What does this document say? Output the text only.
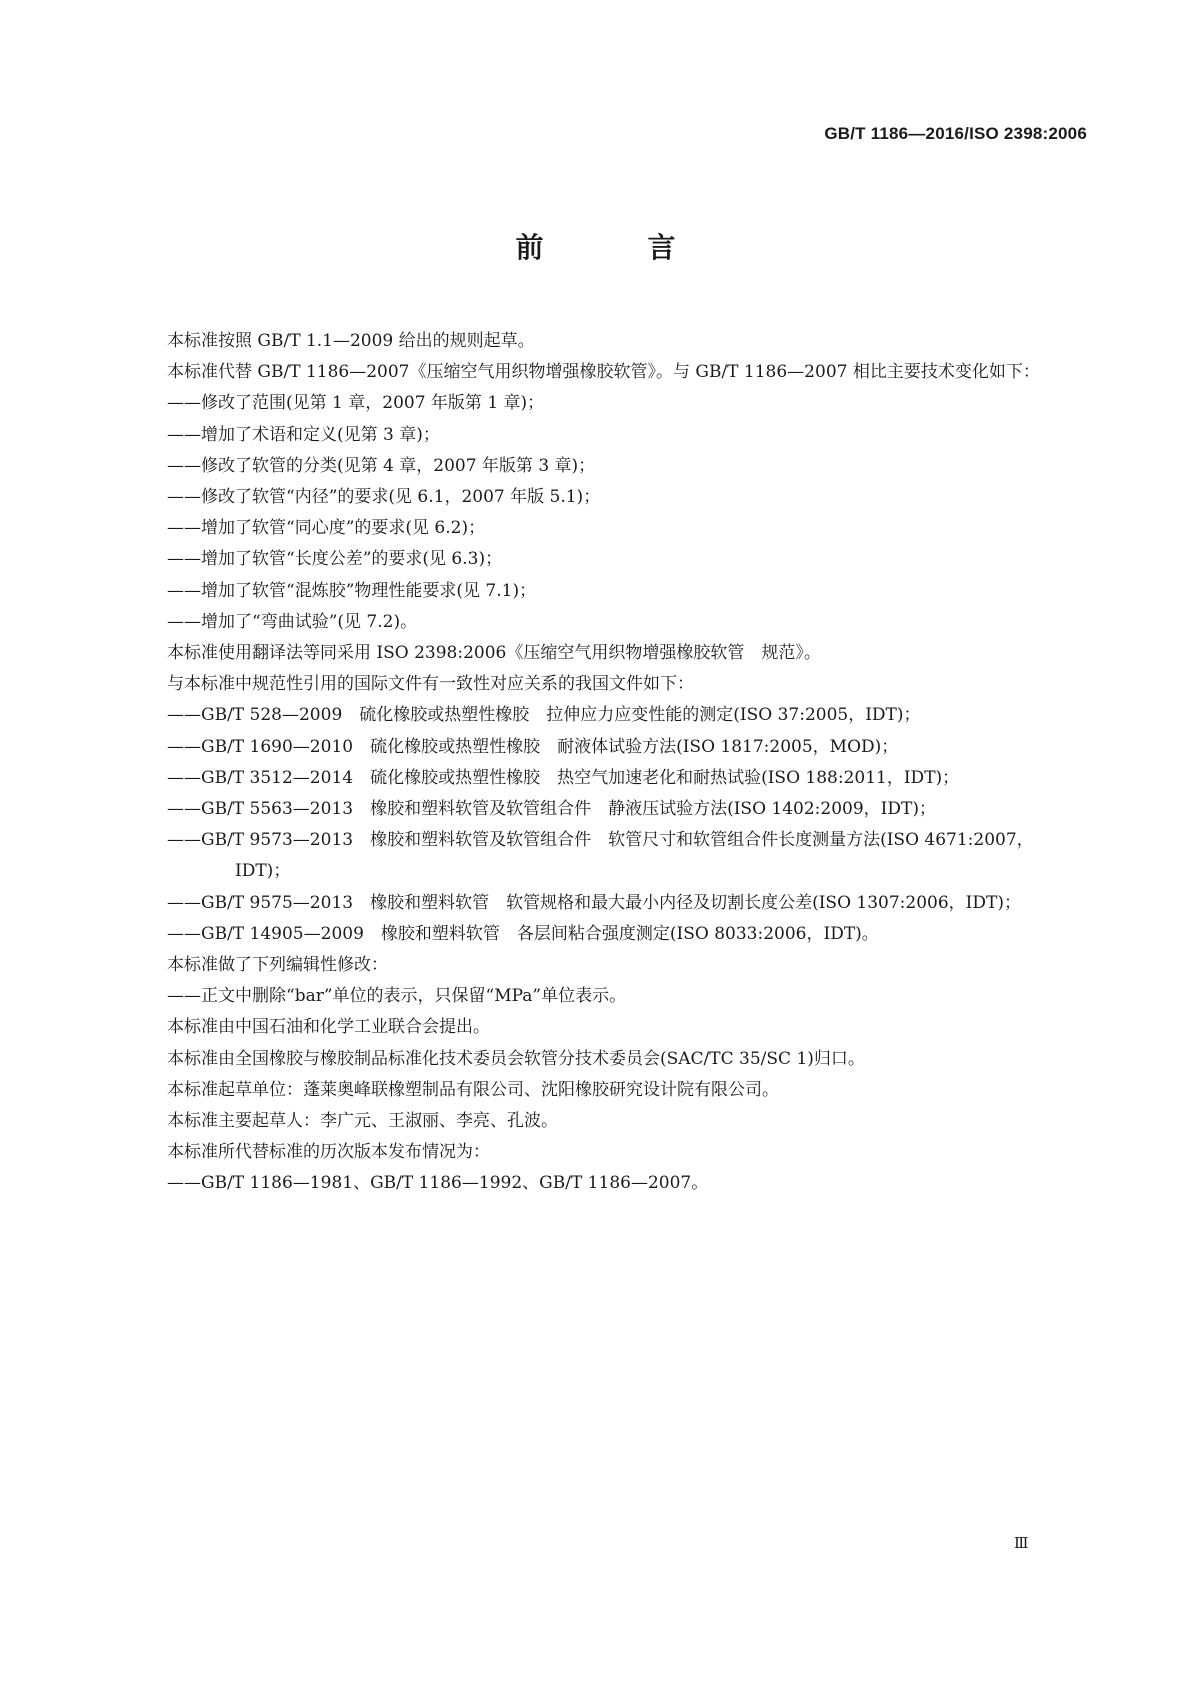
GB/T 1186—2016/ISO 2398:2006
前　言

本标准按照 GB/T 1.1—2009 给出的规则起草。

本标准代替 GB/T 1186—2007《压缩空气用织物增强橡胶软管》。与 GB/T 1186—2007 相比主要技术变化如下：

——修改了范围(见第 1 章，2007 年版第 1 章)；

——增加了术语和定义(见第 3 章)；

——修改了软管的分类(见第 4 章，2007 年版第 3 章)；

——修改了软管“内径”的要求(见 6.1，2007 年版 5.1)；

——增加了软管“同心度”的要求(见 6.2)；

——增加了软管“长度公差”的要求(见 6.3)；

——增加了软管“混炼胶”物理性能要求(见 7.1)；

——增加了“弯曲试验”(见 7.2)。

本标准使用翻译法等同采用 ISO 2398:2006《压缩空气用织物增强橡胶软管　规范》。

与本标准中规范性引用的国际文件有一致性对应关系的我国文件如下：

——GB/T 528—2009　硫化橡胶或热塑性橡胶　拉伸应力应变性能的测定(ISO 37:2005，IDT)；

——GB/T 1690—2010　硫化橡胶或热塑性橡胶　耐液体试验方法(ISO 1817:2005，MOD)；

——GB/T 3512—2014　硫化橡胶或热塑性橡胶　热空气加速老化和耐热试验(ISO 188:2011，IDT)；

——GB/T 5563—2013　橡胶和塑料软管及软管组合件　静液压试验方法(ISO 1402:2009，IDT)；

——GB/T 9573—2013　橡胶和塑料软管及软管组合件　软管尺寸和软管组合件长度测量方法(ISO 4671:2007，IDT)；

——GB/T 9575—2013　橡胶和塑料软管　软管规格和最大最小内径及切割长度公差(ISO 1307:2006，IDT)；

——GB/T 14905—2009　橡胶和塑料软管　各层间粘合强度测定(ISO 8033:2006，IDT)。

本标准做了下列编辑性修改：

——正文中删除“bar”单位的表示，只保留“MPa”单位表示。

本标准由中国石油和化学工业联合会提出。

本标准由全国橡胶与橡胶制品标准化技术委员会软管分技术委员会(SAC/TC 35/SC 1)归口。

本标准起草单位：蓬莱奥峰联橡塑制品有限公司、沈阳橡胶研究设计院有限公司。

本标准主要起草人：李广元、王淑丽、李亮、孔波。

本标准所代替标准的历次版本发布情况为：

——GB/T 1186—1981、GB/T 1186—1992、GB/T 1186—2007。

Ⅲ
